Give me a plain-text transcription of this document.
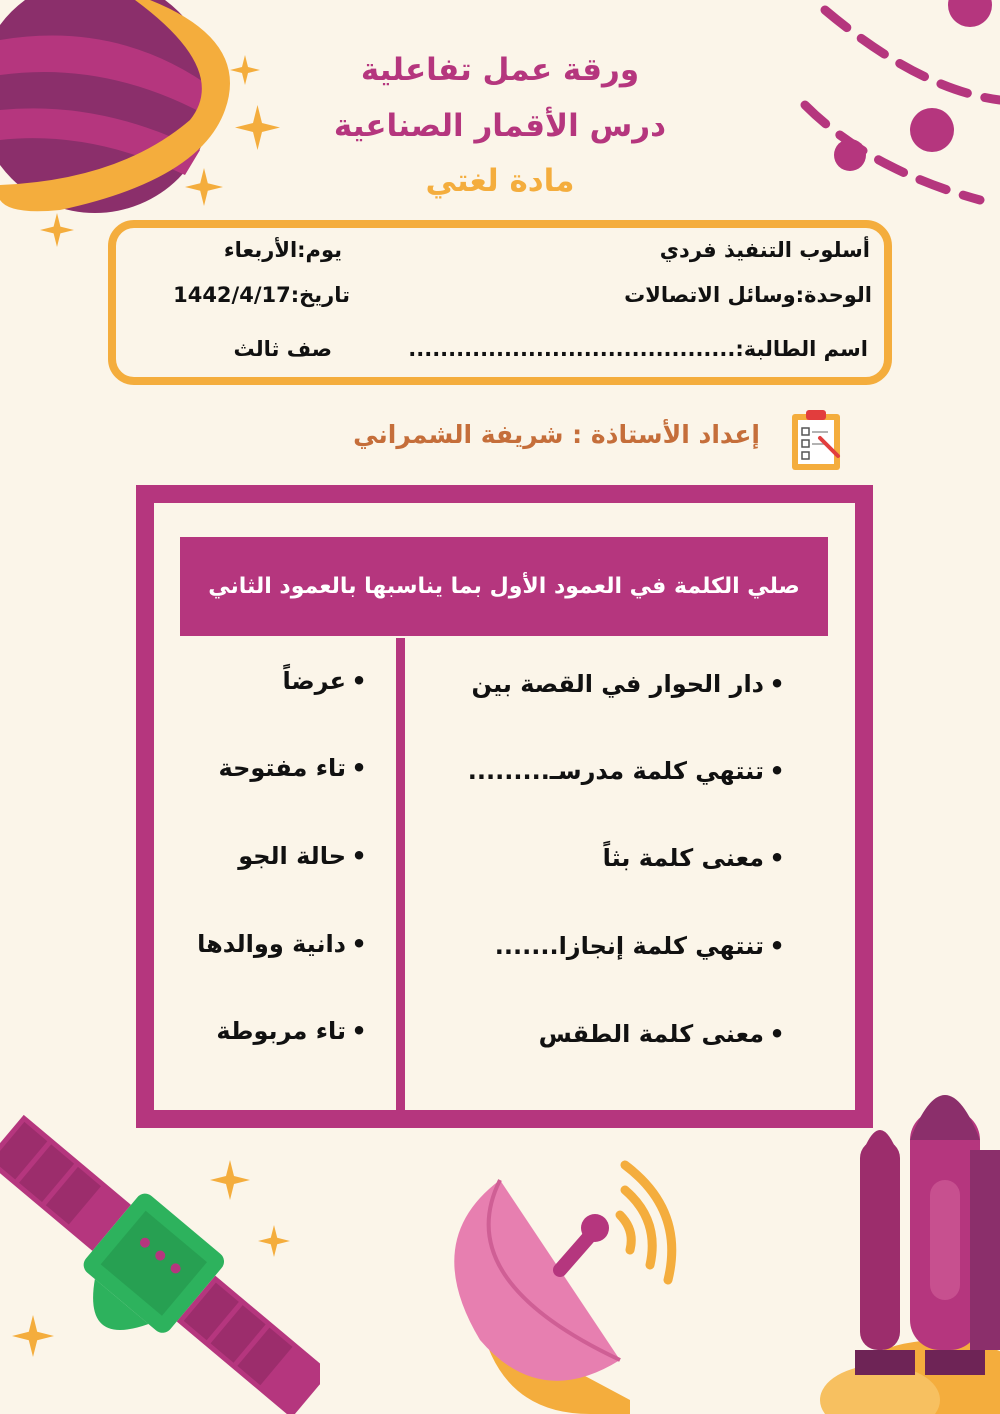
ورقة عمل تفاعلية
درس الأقمار الصناعية
مادة لغتي
أسلوب التنفيذ فردي
يوم:الأربعاء
الوحدة:وسائل الاتصالات
تاريخ:1442/4/17
اسم الطالبة:.........................................
صف ثالث
إعداد الأستاذة : شريفة الشمراني
صلي الكلمة في العمود الأول بما يناسبها بالعمود الثاني
•دار الحوار في القصة بين
•تنتهي كلمة مدرسـ.........
•معنى كلمة بثاً
•تنتهي كلمة إنجازا.......
•معنى كلمة الطقس
•عرضاً
•تاء مفتوحة
•حالة الجو
•دانية ووالدها
•تاء مربوطة
